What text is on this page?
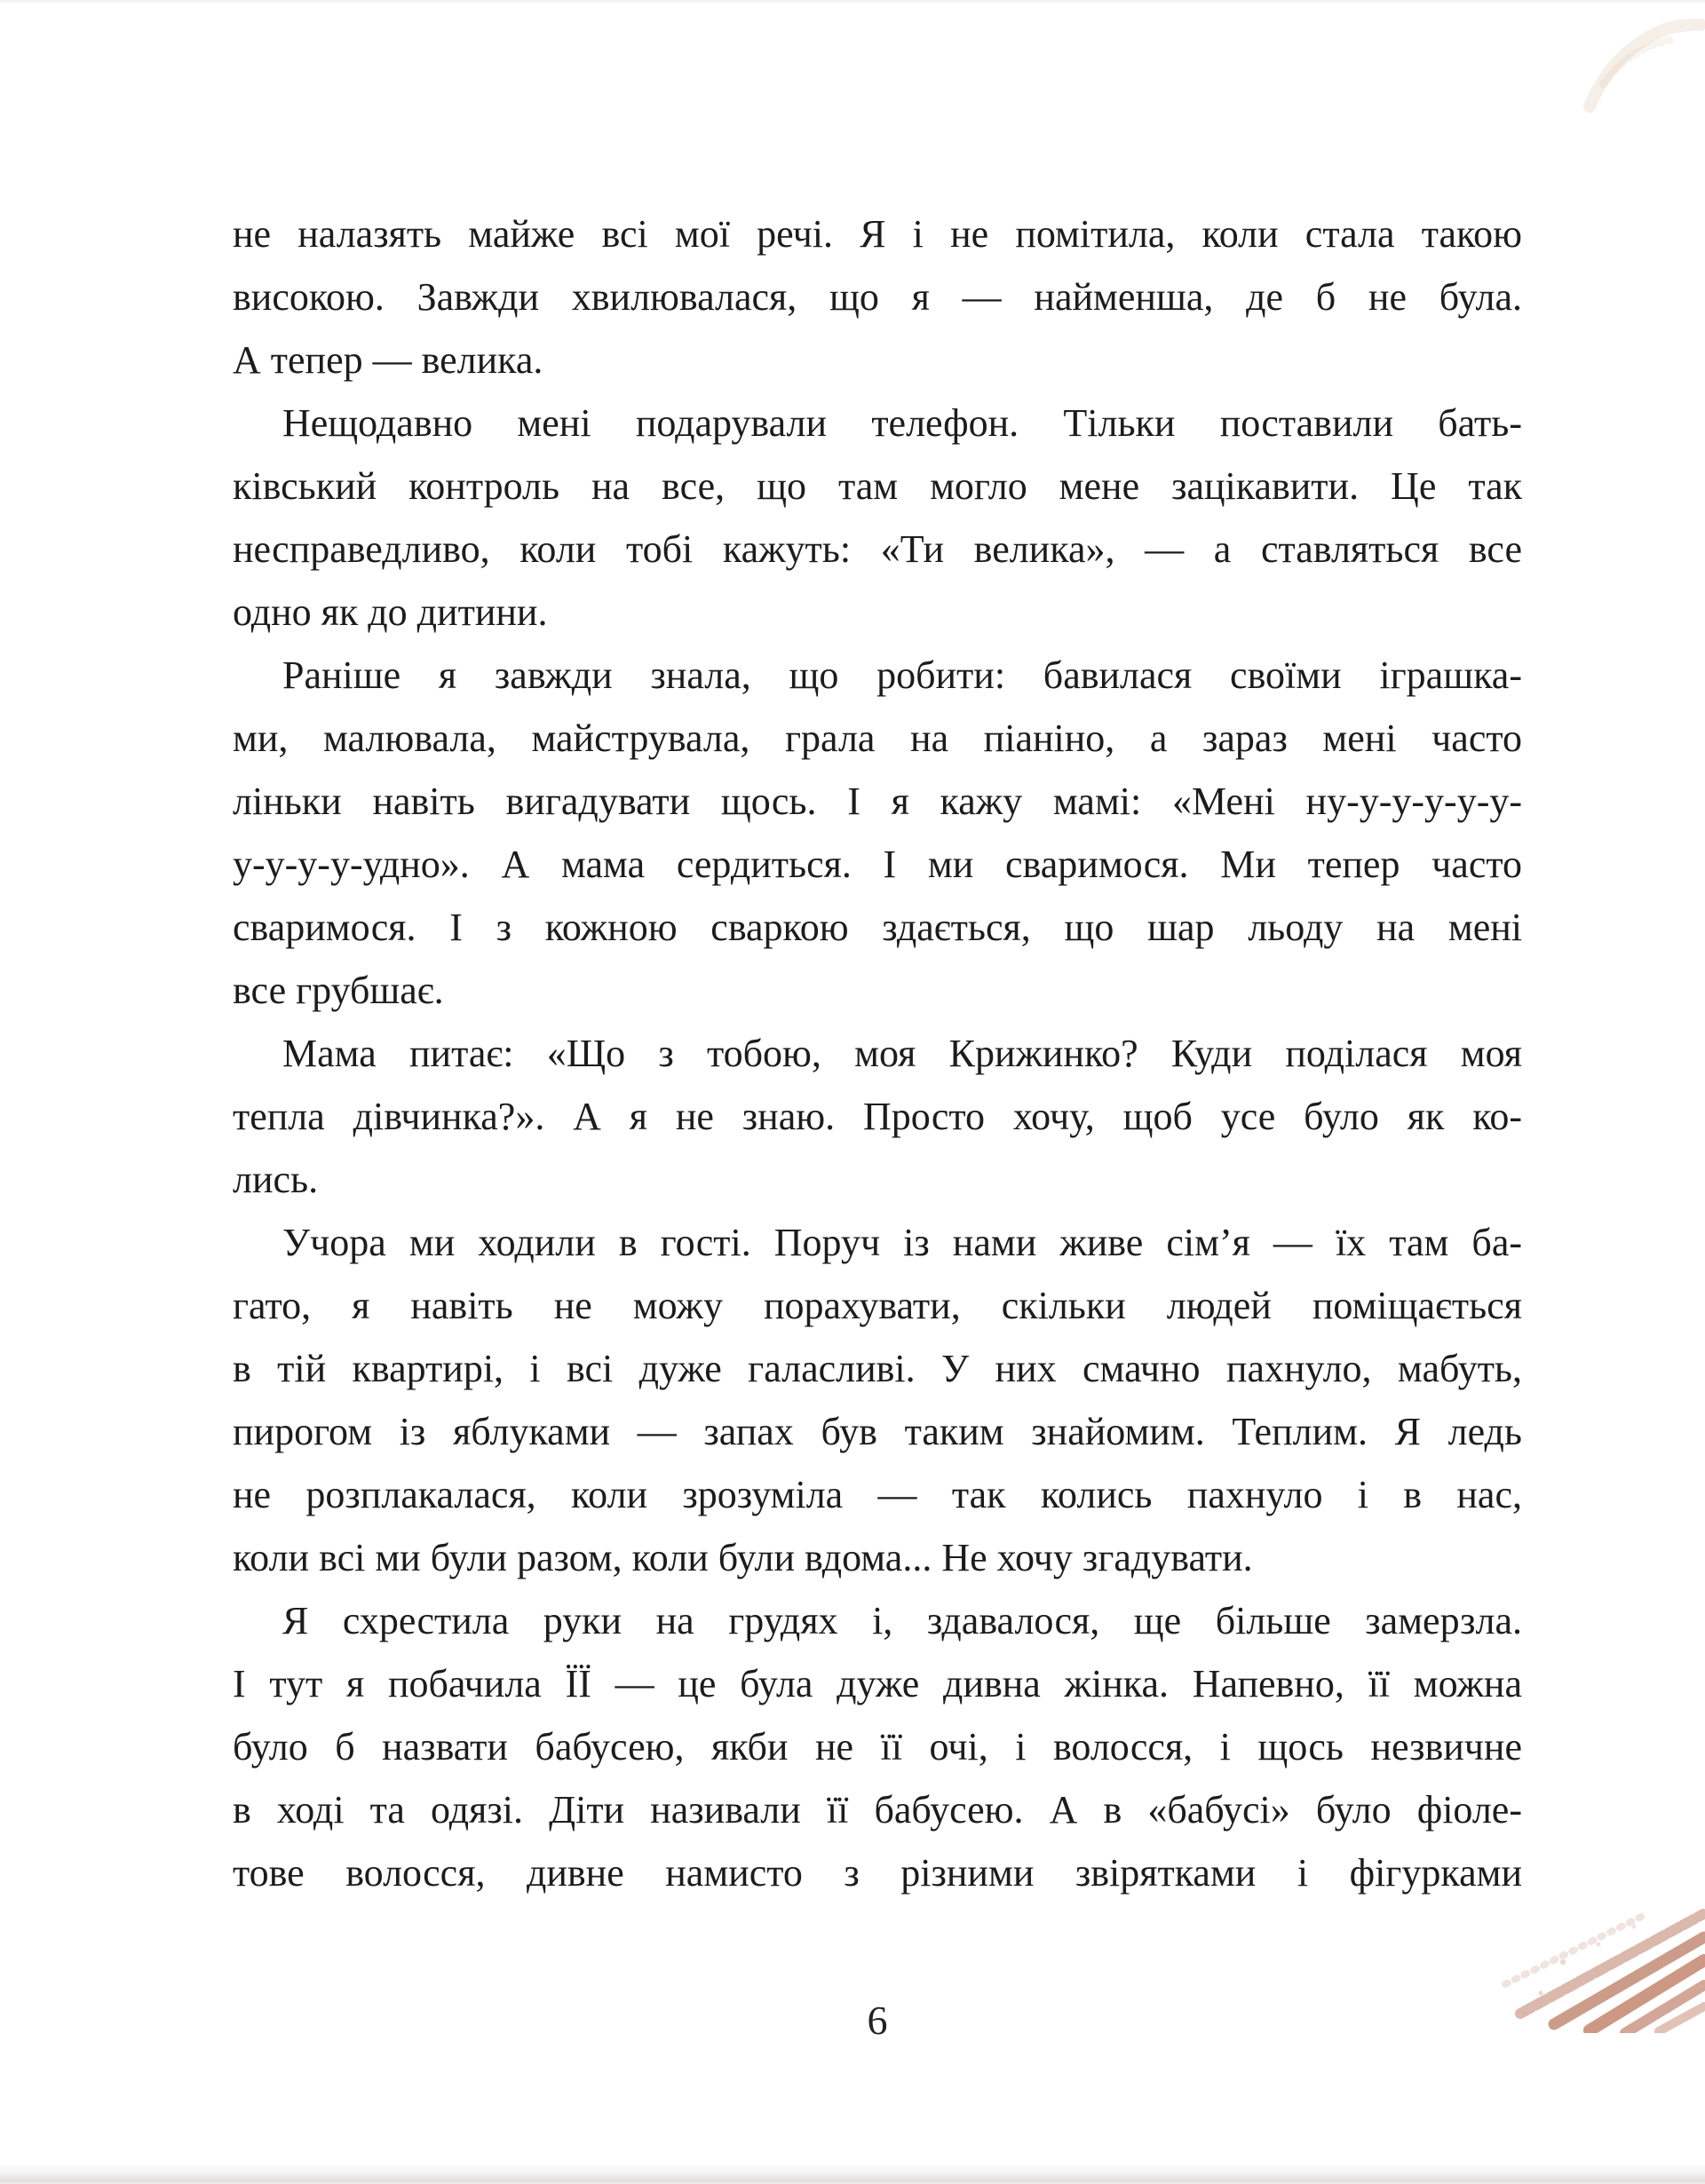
не налазять майже всі мої речі. Я і не помітила, коли стала такою
високою. Завжди хвилювалася, що я — найменша, де б не була.
А тепер — велика.

Нещодавно мені подарували телефон. Тільки поставили бать-
ківський контроль на все, що там могло мене зацікавити. Це так
несправедливо, коли тобі кажуть: «Ти велика», — а ставляться все
одно як до дитини.

Раніше я завжди знала, що робити: бавилася своїми іграшка-
ми, малювала, майструвала, грала на піаніно, а зараз мені часто
ліньки навіть вигадувати щось. І я кажу мамі: «Мені ну-у-у-у-у-у-
у-у-у-у-удно». А мама сердиться. І ми сваримося. Ми тепер часто
сваримося. І з кожною сваркою здається, що шар льоду на мені
все грубшає.

Мама питає: «Що з тобою, моя Крижинко? Куди поділася моя
тепла дівчинка?». А я не знаю. Просто хочу, щоб усе було як ко-
лись.

Учора ми ходили в гості. Поруч із нами живе сім’я — їх там ба-
гато, я навіть не можу порахувати, скільки людей поміщається
в тій квартирі, і всі дуже галасливі. У них смачно пахнуло, мабуть,
пирогом із яблуками — запах був таким знайомим. Теплим. Я ледь
не розплакалася, коли зрозуміла — так колись пахнуло і в нас,
коли всі ми були разом, коли були вдома... Не хочу згадувати.

Я схрестила руки на грудях і, здавалося, ще більше замерзла.
І тут я побачила ЇЇ — це була дуже дивна жінка. Напевно, її можна
було б назвати бабусею, якби не її очі, і волосся, і щось незвичне
в ході та одязі. Діти називали її бабусею. А в «бабусі» було фіоле-
тове волосся, дивне намисто з різними звірятками і фігурками

6
